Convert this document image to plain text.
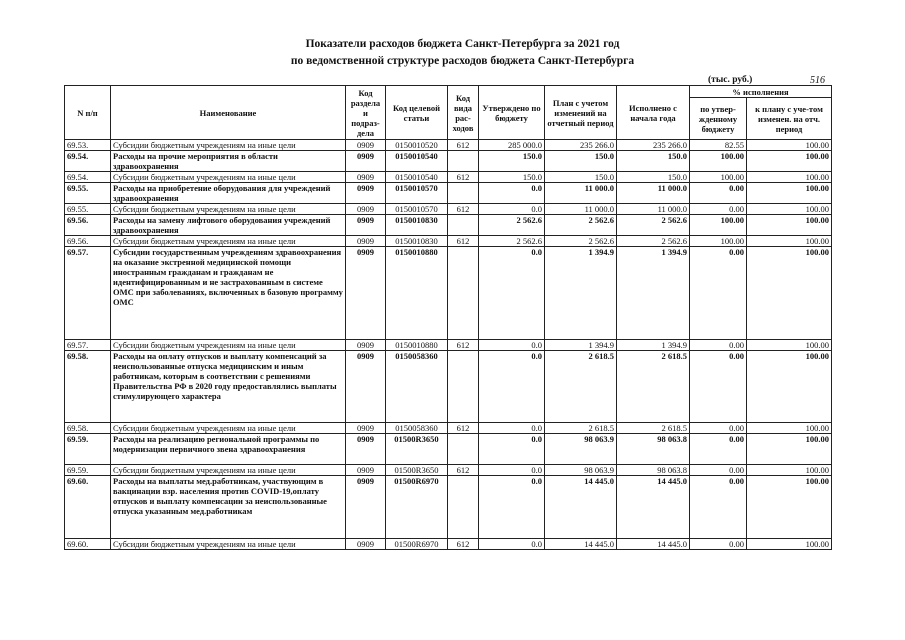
Показатели расходов бюджета Санкт-Петербурга за 2021 год
по ведомственной структуре расходов бюджета Санкт-Петербурга
(тыс. руб.)	516
N п/п	Наименование	Код раздела и подраз-дела	Код целевой статьи	Код вида рас-ходов	Утверждено по бюджету	План с учетом изменений на отчетный период	Исполнено с начала года	% исполнения	
								по утвер-жденному бюджету	к плану с уче-том изменен. на отч. период
69.53.	Субсидии бюджетным учреждениям на иные цели	0909	0150010520	612	285 000.0	235 266.0	235 266.0	82.55	100.00
69.54.	Расходы на прочие мероприятия в области здравоохранения	0909	0150010540		150.0	150.0	150.0	100.00	100.00
69.54.	Субсидии бюджетным учреждениям на иные цели	0909	0150010540	612	150.0	150.0	150.0	100.00	100.00
69.55.	Расходы на приобретение оборудования для учреждений здравоохранения	0909	0150010570		0.0	11 000.0	11 000.0	0.00	100.00
69.55.	Субсидии бюджетным учреждениям на иные цели	0909	0150010570	612	0.0	11 000.0	11 000.0	0.00	100.00
69.56.	Расходы на замену лифтового оборудования учреждений здравоохранения	0909	0150010830		2 562.6	2 562.6	2 562.6	100.00	100.00
69.56.	Субсидии бюджетным учреждениям на иные цели	0909	0150010830	612	2 562.6	2 562.6	2 562.6	100.00	100.00
69.57.	Субсидии государственным учреждениям здравоохранения на оказание экстренной медицинской помощи иностранным гражданам и гражданам не идентифицированным и не застрахованным в системе ОМС при заболеваниях, включенных в базовую программу ОМС	0909	0150010880		0.0	1 394.9	1 394.9	0.00	100.00
69.57.	Субсидии бюджетным учреждениям на иные цели	0909	0150010880	612	0.0	1 394.9	1 394.9	0.00	100.00
69.58.	Расходы на оплату отпусков и выплату компенсаций за неиспользованные отпуска медицинским и иным работникам, которым в соответствии с решениями Правительства РФ в 2020 году предоставлялись выплаты стимулирующего характера	0909	0150058360		0.0	2 618.5	2 618.5	0.00	100.00
69.58.	Субсидии бюджетным учреждениям на иные цели	0909	0150058360	612	0.0	2 618.5	2 618.5	0.00	100.00
69.59.	Расходы на реализацию региональной программы по модернизации первичного звена здравоохранения	0909	01500R3650		0.0	98 063.9	98 063.8	0.00	100.00
69.59.	Субсидии бюджетным учреждениям на иные цели	0909	01500R3650	612	0.0	98 063.9	98 063.8	0.00	100.00
69.60.	Расходы на выплаты мед.работникам, участвующим в вакцинации взр. населения против COVID-19,оплату отпусков и выплату компенсации за неиспользованные отпуска указанным мед.работникам	0909	01500R6970		0.0	14 445.0	14 445.0	0.00	100.00
69.60.	Субсидии бюджетным учреждениям на иные цели	0909	01500R6970	612	0.0	14 445.0	14 445.0	0.00	100.00
